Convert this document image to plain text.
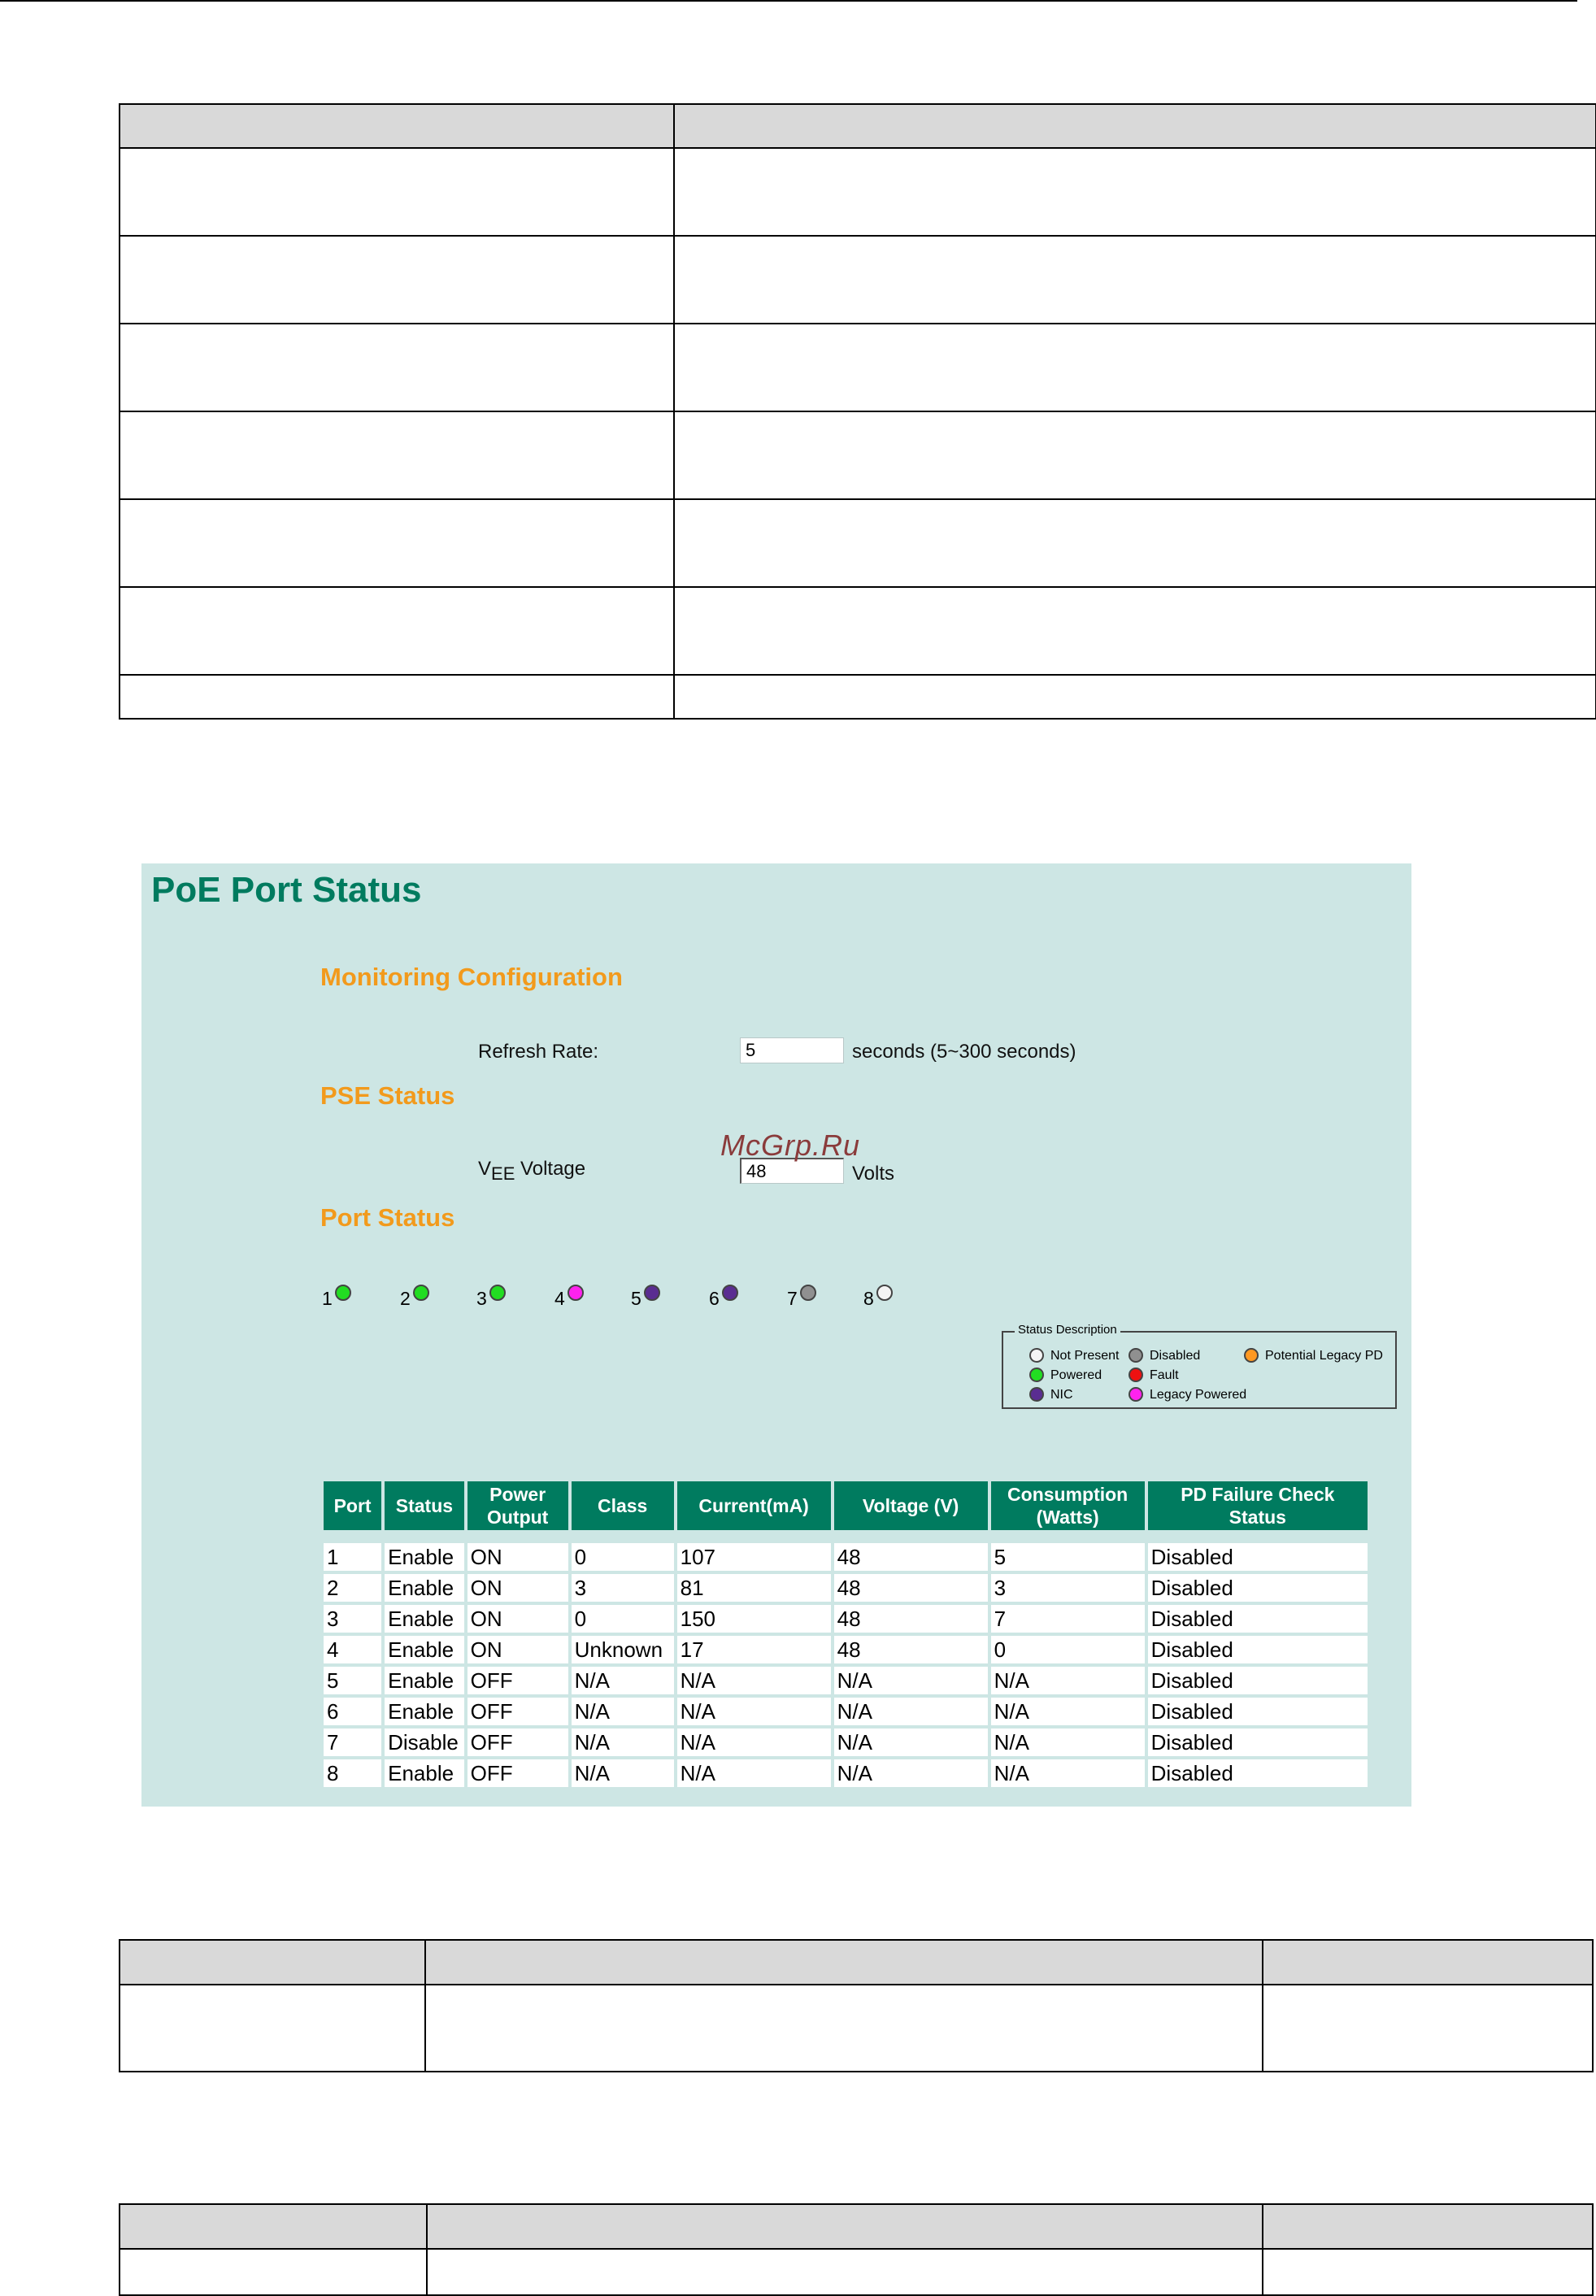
PoE Port Status
Monitoring Configuration
Refresh Rate:
5	seconds (5~300 seconds)
PSE Status
$V_{EE}$ Voltage
48	Volts
McGrp.Ru
Port Status
1	2	3	4	5	6	7	8
Status Description
Not Present
Powered
NIC
Disabled
Fault
Legacy Powered
Potential Legacy PD
Port	Status	Power Output	Class	Current(mA)	Voltage (V)	Consumption (Watts)	PD Failure Check Status

1	Enable	ON	0	107	48	5	Disabled
2	Enable	ON	3	81	48	3	Disabled
3	Enable	ON	0	150	48	7	Disabled
4	Enable	ON	Unknown	17	48	0	Disabled
5	Enable	OFF	N/A	N/A	N/A	N/A	Disabled
6	Enable	OFF	N/A	N/A	N/A	N/A	Disabled
7	Disable	OFF	N/A	N/A	N/A	N/A	Disabled
8	Enable	OFF	N/A	N/A	N/A	N/A	Disabled
